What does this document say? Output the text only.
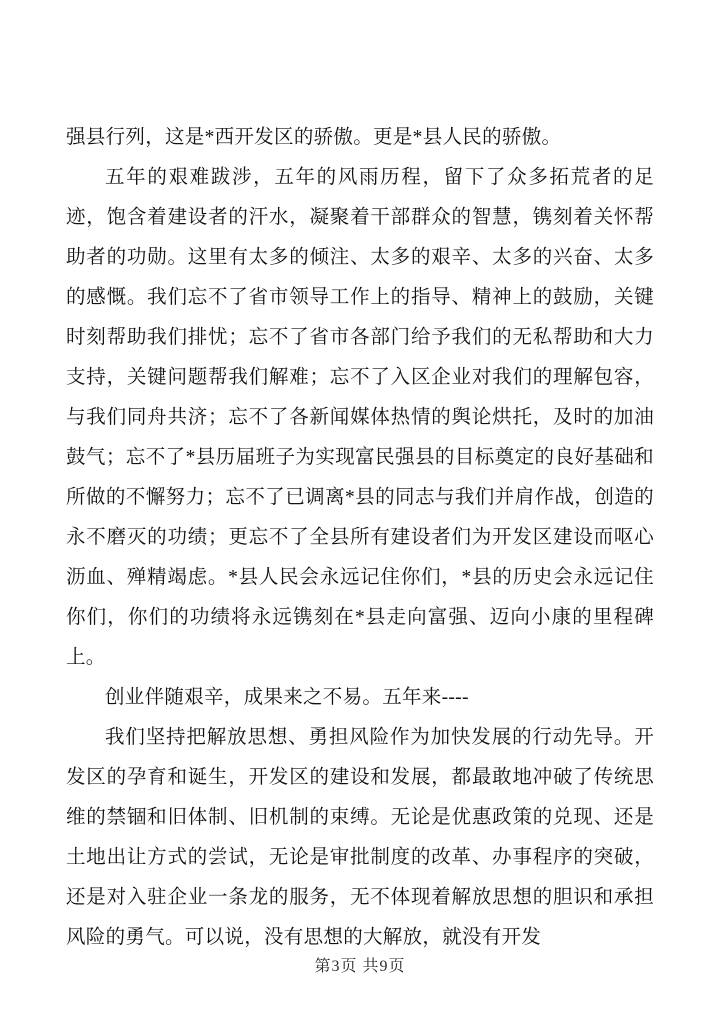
强县行列，这是*西开发区的骄傲。更是*县人民的骄傲。

五年的艰难跋涉，五年的风雨历程，留下了众多拓荒者的足迹，饱含着建设者的汗水，凝聚着干部群众的智慧，镌刻着关怀帮助者的功勋。这里有太多的倾注、太多的艰辛、太多的兴奋、太多的感慨。我们忘不了省市领导工作上的指导、精神上的鼓励，关键时刻帮助我们排忧；忘不了省市各部门给予我们的无私帮助和大力支持，关键问题帮我们解难；忘不了入区企业对我们的理解包容，与我们同舟共济；忘不了各新闻媒体热情的舆论烘托，及时的加油鼓气；忘不了*县历届班子为实现富民强县的目标奠定的良好基础和所做的不懈努力；忘不了已调离*县的同志与我们并肩作战，创造的永不磨灭的功绩；更忘不了全县所有建设者们为开发区建设而呕心沥血、殚精竭虑。*县人民会永远记住你们，*县的历史会永远记住你们，你们的功绩将永远镌刻在*县走向富强、迈向小康的里程碑上。

创业伴随艰辛，成果来之不易。五年来----

我们坚持把解放思想、勇担风险作为加快发展的行动先导。开发区的孕育和诞生，开发区的建设和发展，都最敢地冲破了传统思维的禁锢和旧体制、旧机制的束缚。无论是优惠政策的兑现、还是土地出让方式的尝试，无论是审批制度的改革、办事程序的突破，还是对入驻企业一条龙的服务，无不体现着解放思想的胆识和承担风险的勇气。可以说，没有思想的大解放，就没有开发

第3页 共9页
